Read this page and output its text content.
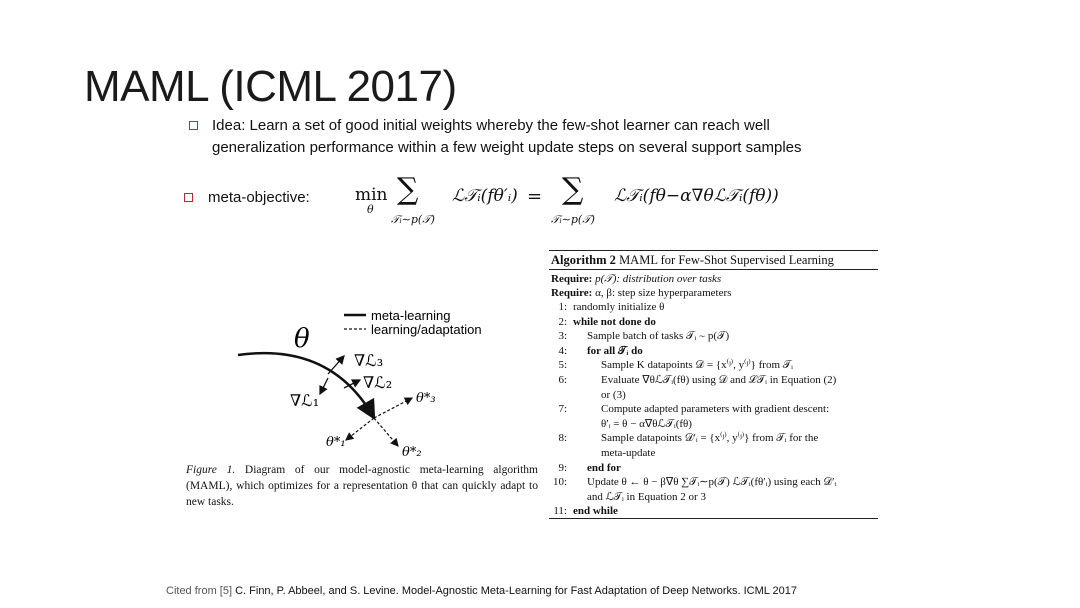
MAML (ICML 2017)
Idea: Learn a set of good initial weights whereby the few-shot learner can reach well
generalization performance within a few weight update steps on several support samples
meta-objective:	min
θ
∑
𝒯ᵢ∼p(𝒯)
ℒ𝒯ᵢ(fθ′ᵢ) = ∑
𝒯ᵢ∼p(𝒯)
ℒ𝒯ᵢ(fθ−α∇θℒ𝒯ᵢ(fθ))
meta-learning
learning/adaptation
θ
∇ℒ₃
∇ℒ₂
∇ℒ₁	θ*₃
θ*₁
θ*₂
Figure 1. Diagram of our model-agnostic meta-learning algorithm (MAML), which optimizes for a representation θ that can quickly adapt to new tasks.
Algorithm 2 MAML for Few-Shot Supervised Learning
Require: p(𝒯): distribution over tasks
Require: α, β: step size hyperparameters
1: randomly initialize θ
2: while not done do
3: Sample batch of tasks 𝒯ᵢ ∼ p(𝒯)
4: for all 𝒯ᵢ do
5:	Sample K datapoints 𝒟 = {x⁽ʲ⁾, y⁽ʲ⁾} from 𝒯ᵢ
6:	Evaluate ∇θℒ𝒯ᵢ(fθ) using 𝒟 and ℒ𝒯ᵢ in Equation (2)
or (3)
7:	Compute adapted parameters with gradient descent:
θ′ᵢ = θ − α∇θℒ𝒯ᵢ(fθ)
8:	Sample datapoints 𝒟′ᵢ = {x⁽ʲ⁾, y⁽ʲ⁾} from 𝒯ᵢ for the
meta-update
9: end for
10: Update θ ← θ − β∇θ ∑𝒯ᵢ∼p(𝒯) ℒ𝒯ᵢ(fθ′ᵢ) using each 𝒟′ᵢ
and ℒ𝒯ᵢ in Equation 2 or 3
11: end while
Cited from [5] C. Finn, P. Abbeel, and S. Levine. Model-Agnostic Meta-Learning for Fast Adaptation of Deep Networks. ICML 2017
